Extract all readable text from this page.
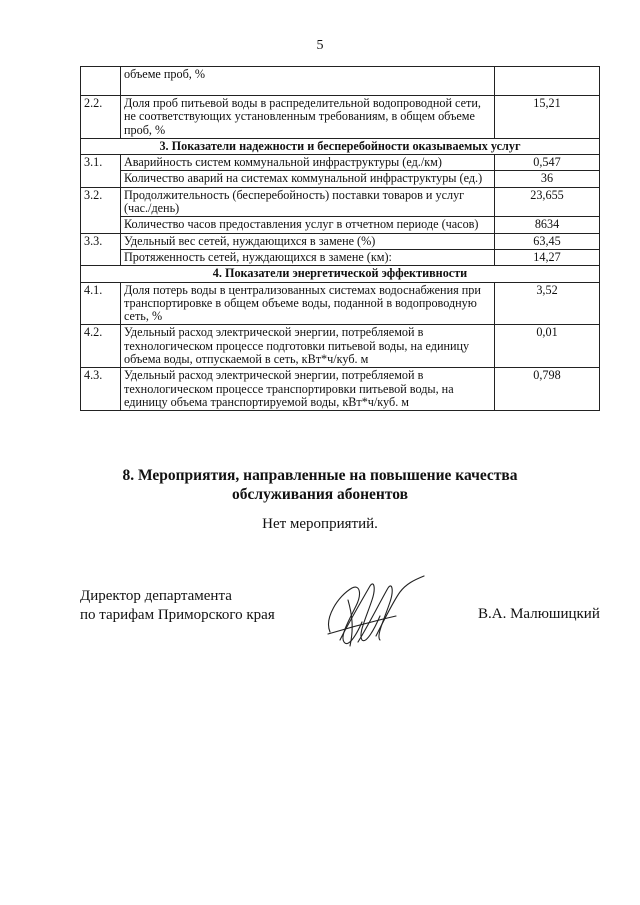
5
	объеме проб, %	
2.2.	Доля проб питьевой воды в распределительной водопроводной сети, не соответствующих установленным требованиям, в общем объеме проб, %	15,21
3. Показатели надежности и бесперебойности оказываемых услуг		
3.1.	Аварийность систем коммунальной инфраструктуры (ед./км)	0,547
	Количество аварий на системах коммунальной инфраструктуры (ед.)	36
3.2.	Продолжительность (бесперебойность) поставки товаров и услуг (час./день)	23,655
	Количество часов предоставления услуг в отчетном периоде (часов)	8634
3.3.	Удельный вес сетей, нуждающихся в замене (%)	63,45
	Протяженность сетей, нуждающихся в замене (км):	14,27
4. Показатели энергетической эффективности		
4.1.	Доля потерь воды в централизованных системах водоснабжения при транспортировке в общем объеме воды, поданной в водопроводную сеть, %	3,52
4.2.	Удельный расход электрической энергии, потребляемой в технологическом процессе подготовки питьевой воды, на единицу объема воды, отпускаемой в сеть, кВт*ч/куб. м	0,01
4.3.	Удельный расход электрической энергии, потребляемой в технологическом процессе транспортировки питьевой воды, на единицу объема транспортируемой воды, кВт*ч/куб. м	0,798
8. Мероприятия, направленные на повышение качества
обслуживания абонентов
Нет мероприятий.
Директор департамента
по тарифам Приморского края	В.А. Малюшицкий
